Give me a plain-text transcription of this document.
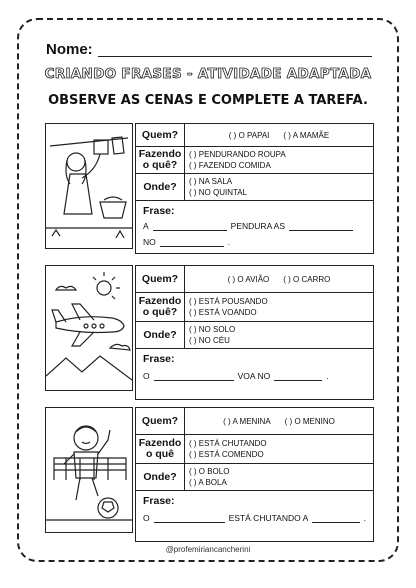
Nome:
CRIANDO FRASES - ATIVIDADE ADAPTADA
OBSERVE AS CENAS E COMPLETE A TAREFA.
Quem?	( ) O PAPAI ( ) A MAMÃE
Fazendo o quê?
( ) PENDURANDO ROUPA
( ) FAZENDO COMIDA
Onde?	( ) NA SALA
( ) NO QUINTAL
Frase:
A	PENDURA AS
NO	.
Quem?	( ) O AVIÃO ( ) O CARRO
Fazendo o quê?
( ) ESTÁ POUSANDO
( ) ESTÁ VOANDO
Onde?	( ) NO SOLO
( ) NO CÉU
Frase:
O	VOA NO	.
Quem?	( ) A MENINA ( ) O MENINO
Fazendo o quê
( ) ESTÁ CHUTANDO
( ) ESTÁ COMENDO
Onde?	( ) O BOLO
( ) A BOLA
Frase:
O	ESTÁ CHUTANDO A	.
@profemiriancancherini
